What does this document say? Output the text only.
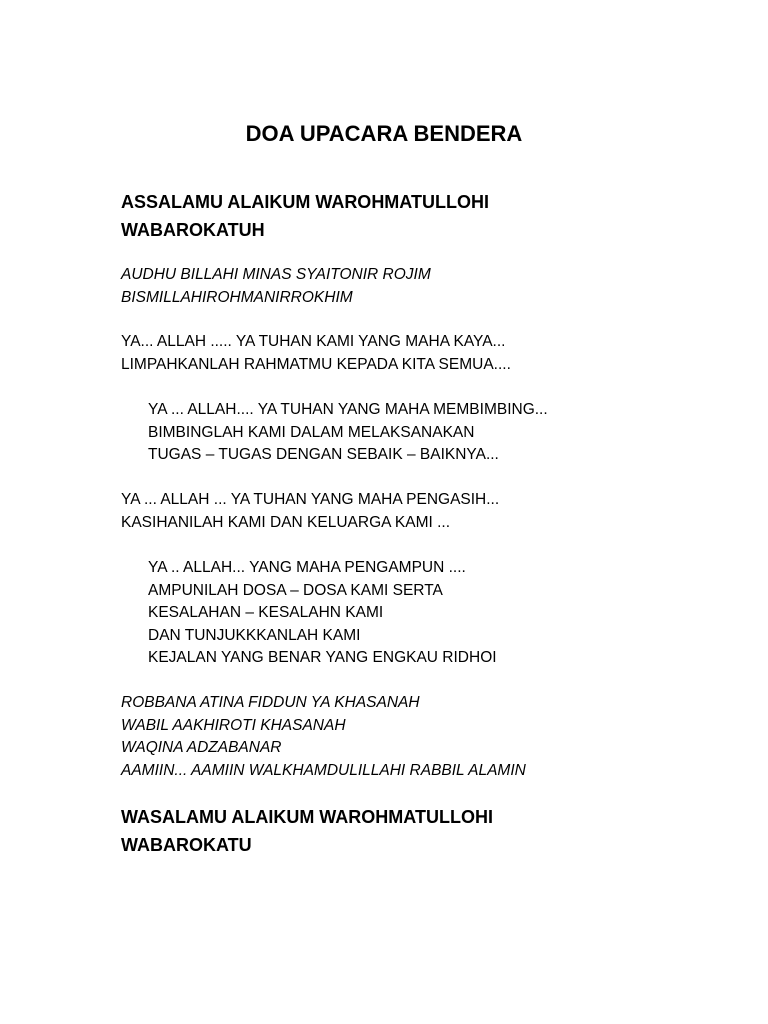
DOA UPACARA BENDERA
ASSALAMU ALAIKUM WAROHMATULLOHI
WABAROKATUH
AUDHU BILLAHI MINAS SYAITONIR ROJIM
BISMILLAHIROHMANIRROKHIM
YA... ALLAH ..... YA TUHAN KAMI YANG MAHA KAYA...
LIMPAHKANLAH RAHMATMU KEPADA KITA SEMUA....
YA ... ALLAH.... YA TUHAN YANG MAHA MEMBIMBING...
BIMBINGLAH KAMI DALAM MELAKSANAKAN
TUGAS – TUGAS DENGAN SEBAIK – BAIKNYA...
YA ... ALLAH ... YA TUHAN YANG MAHA PENGASIH...
KASIHANILAH KAMI DAN KELUARGA KAMI ...
YA .. ALLAH... YANG MAHA PENGAMPUN ....
AMPUNILAH DOSA – DOSA KAMI SERTA
KESALAHAN – KESALAHN KAMI
DAN TUNJUKKKANLAH KAMI
KEJALAN YANG BENAR YANG ENGKAU RIDHOI
ROBBANA ATINA FIDDUN YA KHASANAH
WABIL AAKHIROTI KHASANAH
WAQINA ADZABANAR
AAMIIN... AAMIIN WALKHAMDULILLAHI RABBIL ALAMIN
WASALAMU ALAIKUM WAROHMATULLOHI
WABAROKATU
